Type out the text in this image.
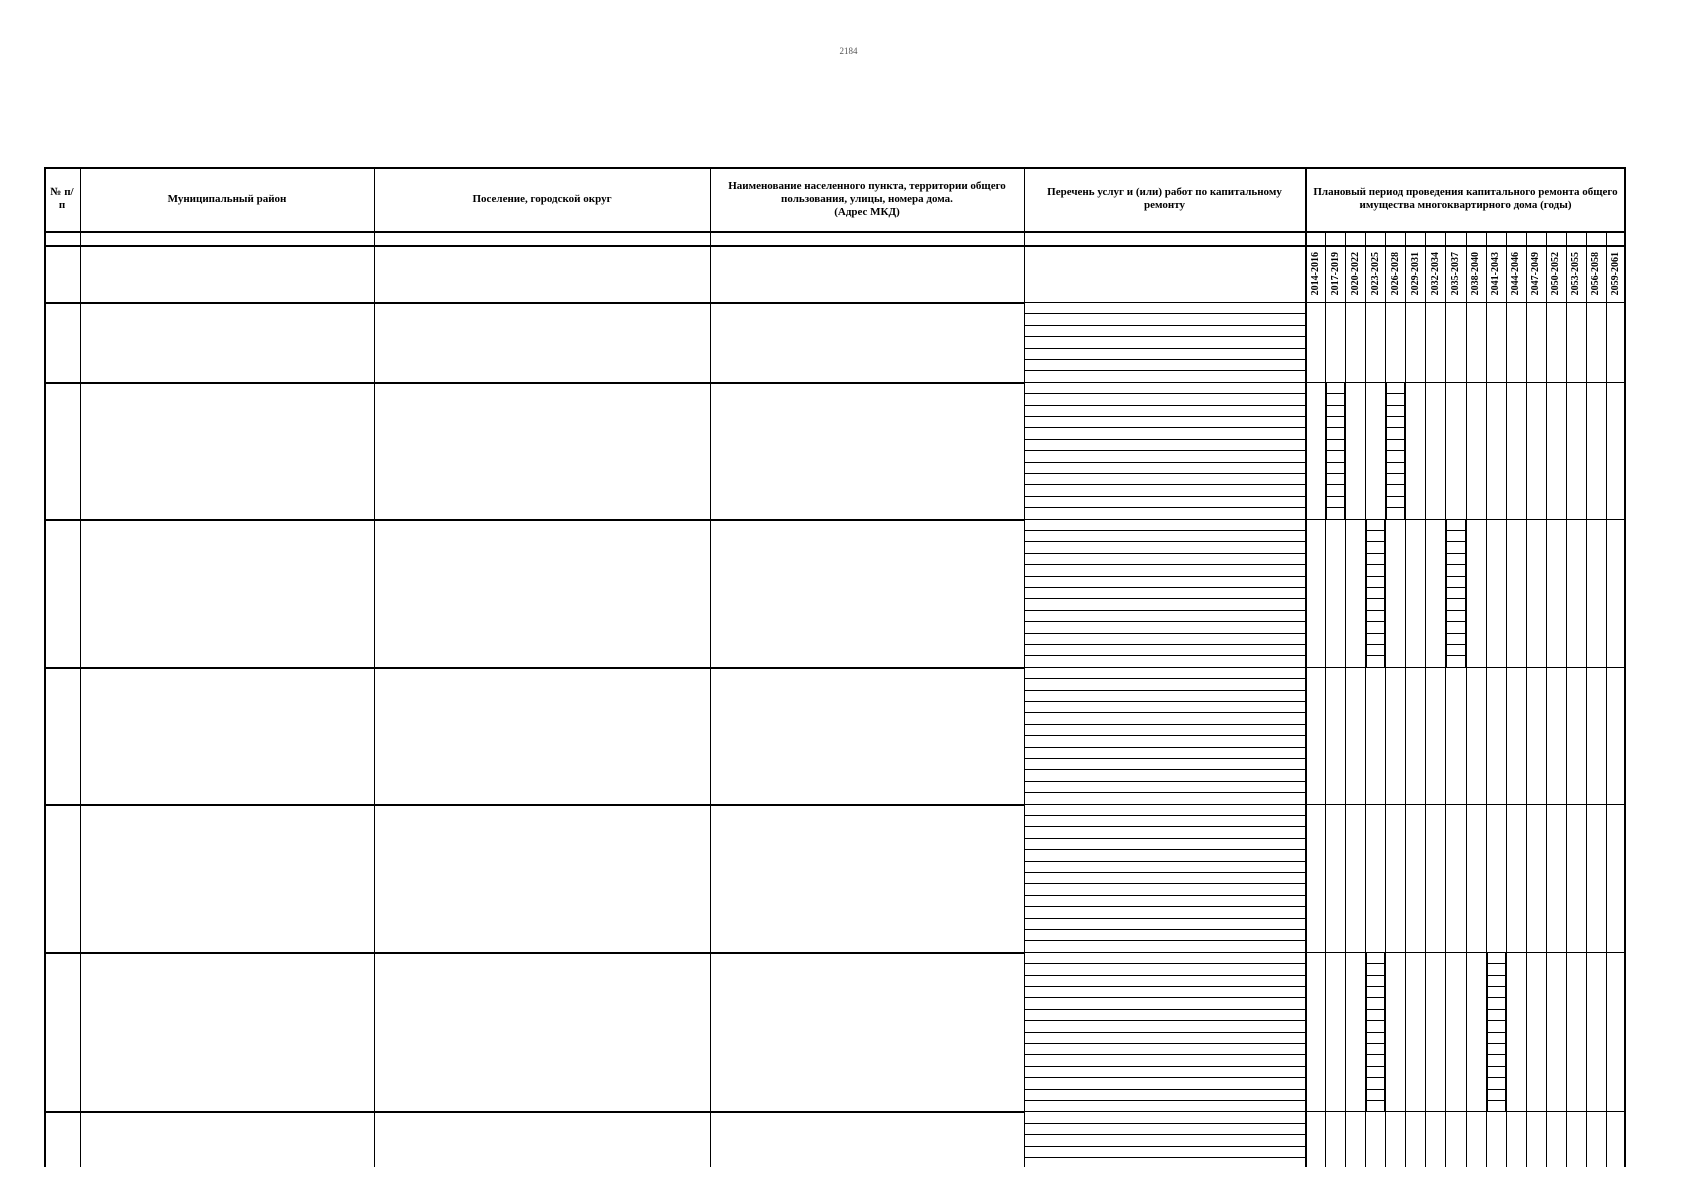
2184
№ п/п
Муниципальный район	Поселение, городской округ
Наименование населенного пункта, территории общего пользования, улицы, номера дома.
(Адрес МКД)
Перечень услуг и (или) работ по капитальному ремонту
Плановый период проведения капитального ремонта общего имущества многоквартирного дома (годы)
2014-2016 2017-2019 2020-2022 2023-2025 2026-2028 2029-2031 2032-2034 2035-2037 2038-2040 2041-2043 2044-2046 2047-2049 2050-2052 2053-2055 2056-2058 2059-2061
